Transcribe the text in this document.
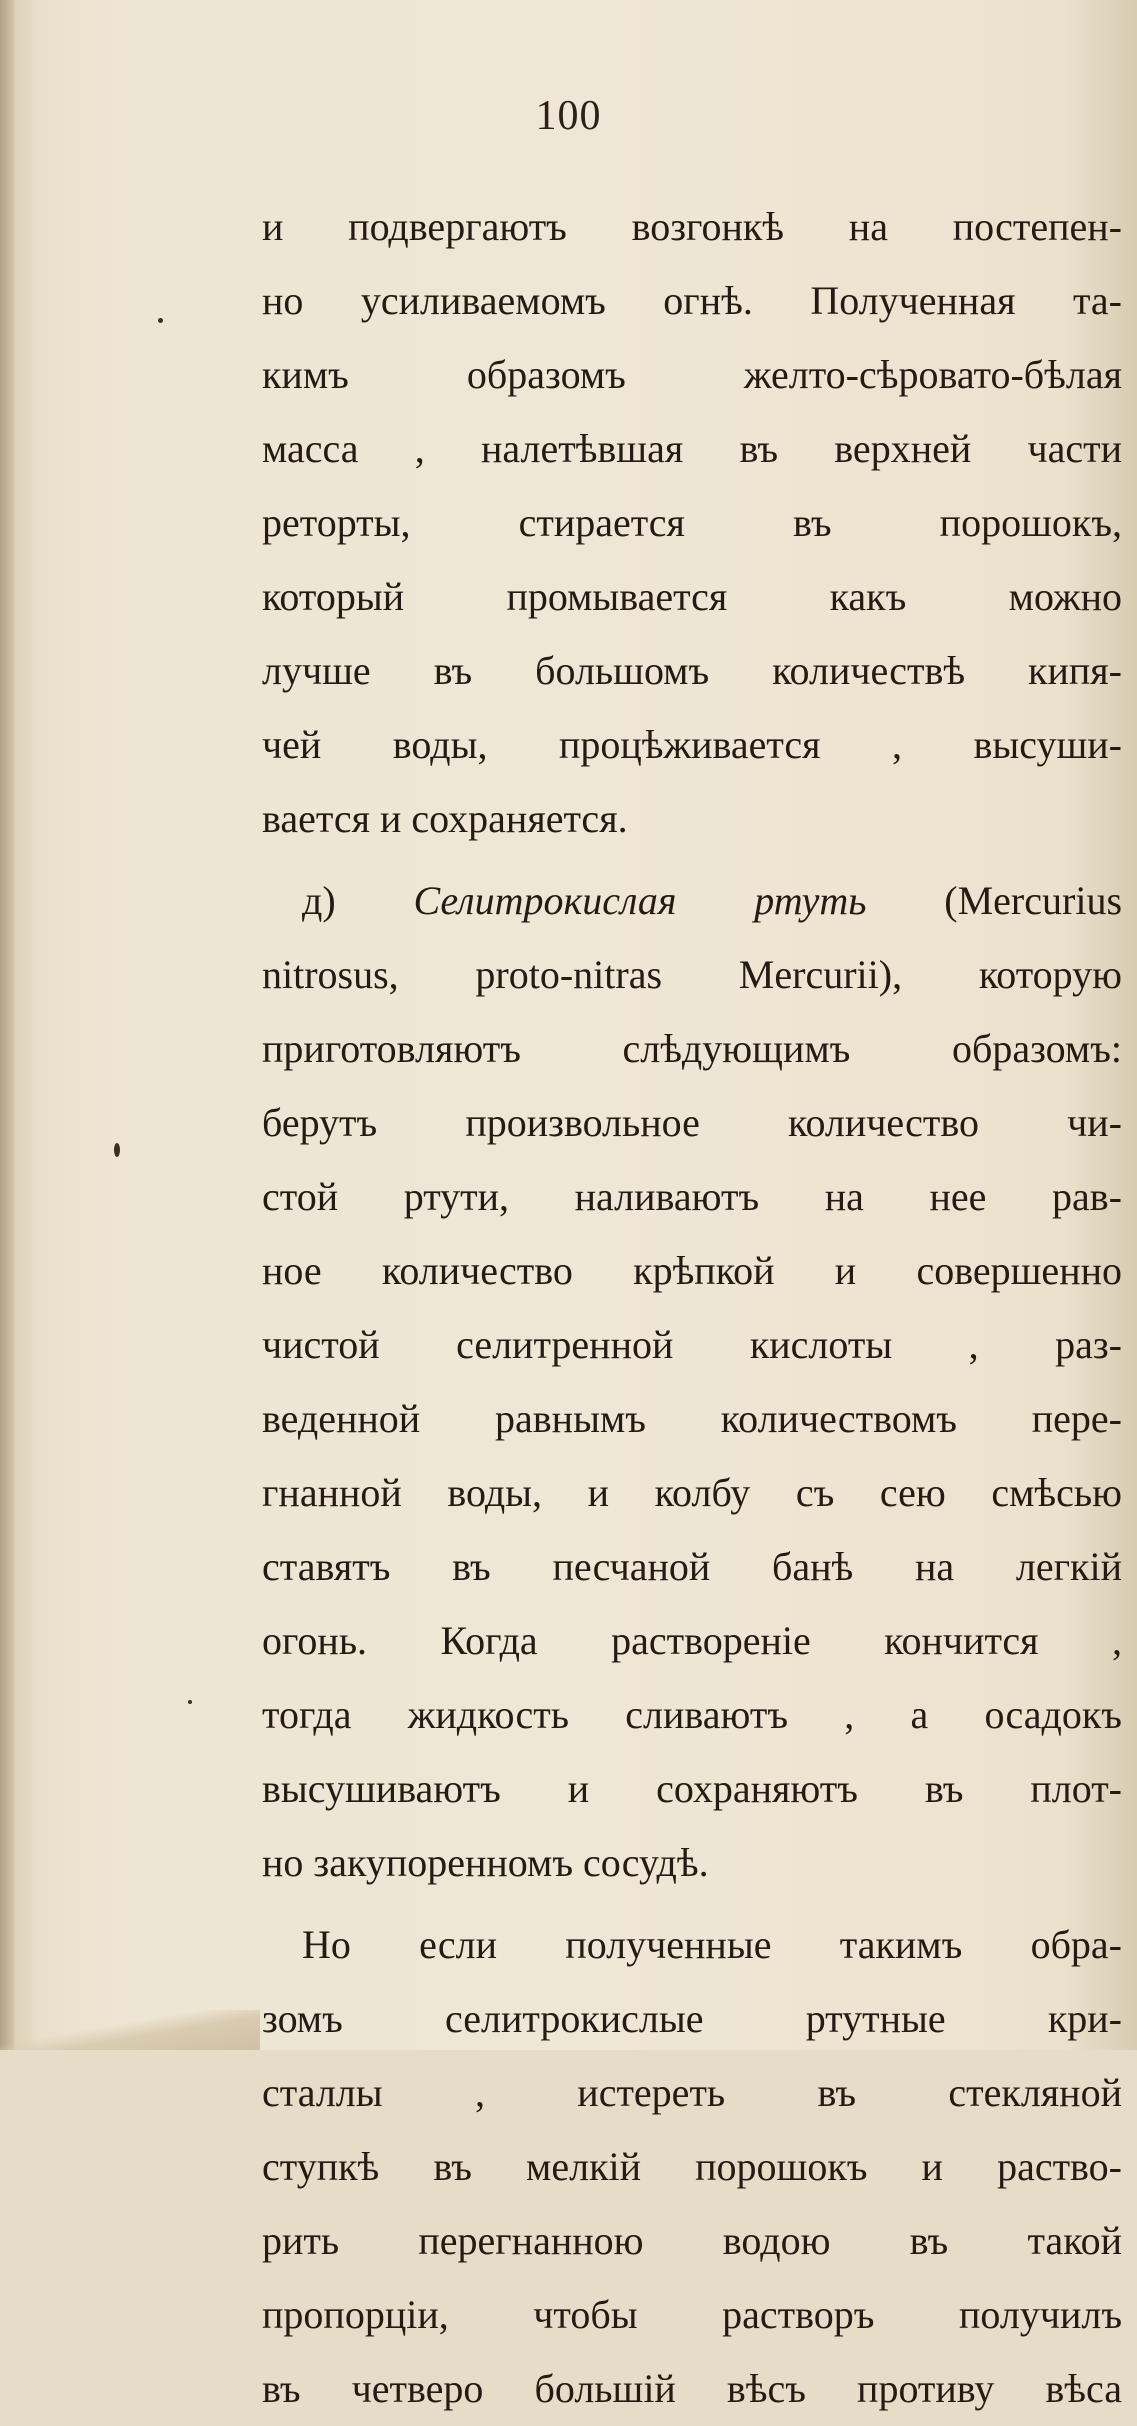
100
и подвергаютъ возгонкѣ на постепен-
но усиливаемомъ огнѣ. Полученная та-
кимъ образомъ желто-сѣровато-бѣлая
масса , налетѣвшая въ верхней части
реторты, стирается въ порошокъ,
который промывается какъ можно
лучше въ большомъ количествѣ кипя-
чей воды, процѣживается , высуши-
вается и сохраняется.
д) Селитрокислая ртуть (Mercurius
nitrosus, proto-nitras Mercurii), которую
приготовляютъ слѣдующимъ образомъ:
берутъ произвольное количество чи-
стой ртути, наливаютъ на нее рав-
ное количество крѣпкой и совершенно
чистой селитренной кислоты , раз-
веденной равнымъ количествомъ пере-
гнанной воды, и колбу съ сею смѣсью
ставятъ въ песчаной банѣ на легкій
огонь. Когда раствореніе кончится ,
тогда жидкость сливаютъ , а осадокъ
высушиваютъ и сохраняютъ въ плот-
но закупоренномъ сосудѣ.
Но если полученные такимъ обра-
зомъ селитрокислые ртутные кри-
сталлы , истереть въ стекляной
ступкѣ въ мелкій порошокъ и раство-
рить перегнанною водою въ такой
пропорціи, чтобы растворъ получилъ
въ четверо большій вѣсъ противу вѣса
